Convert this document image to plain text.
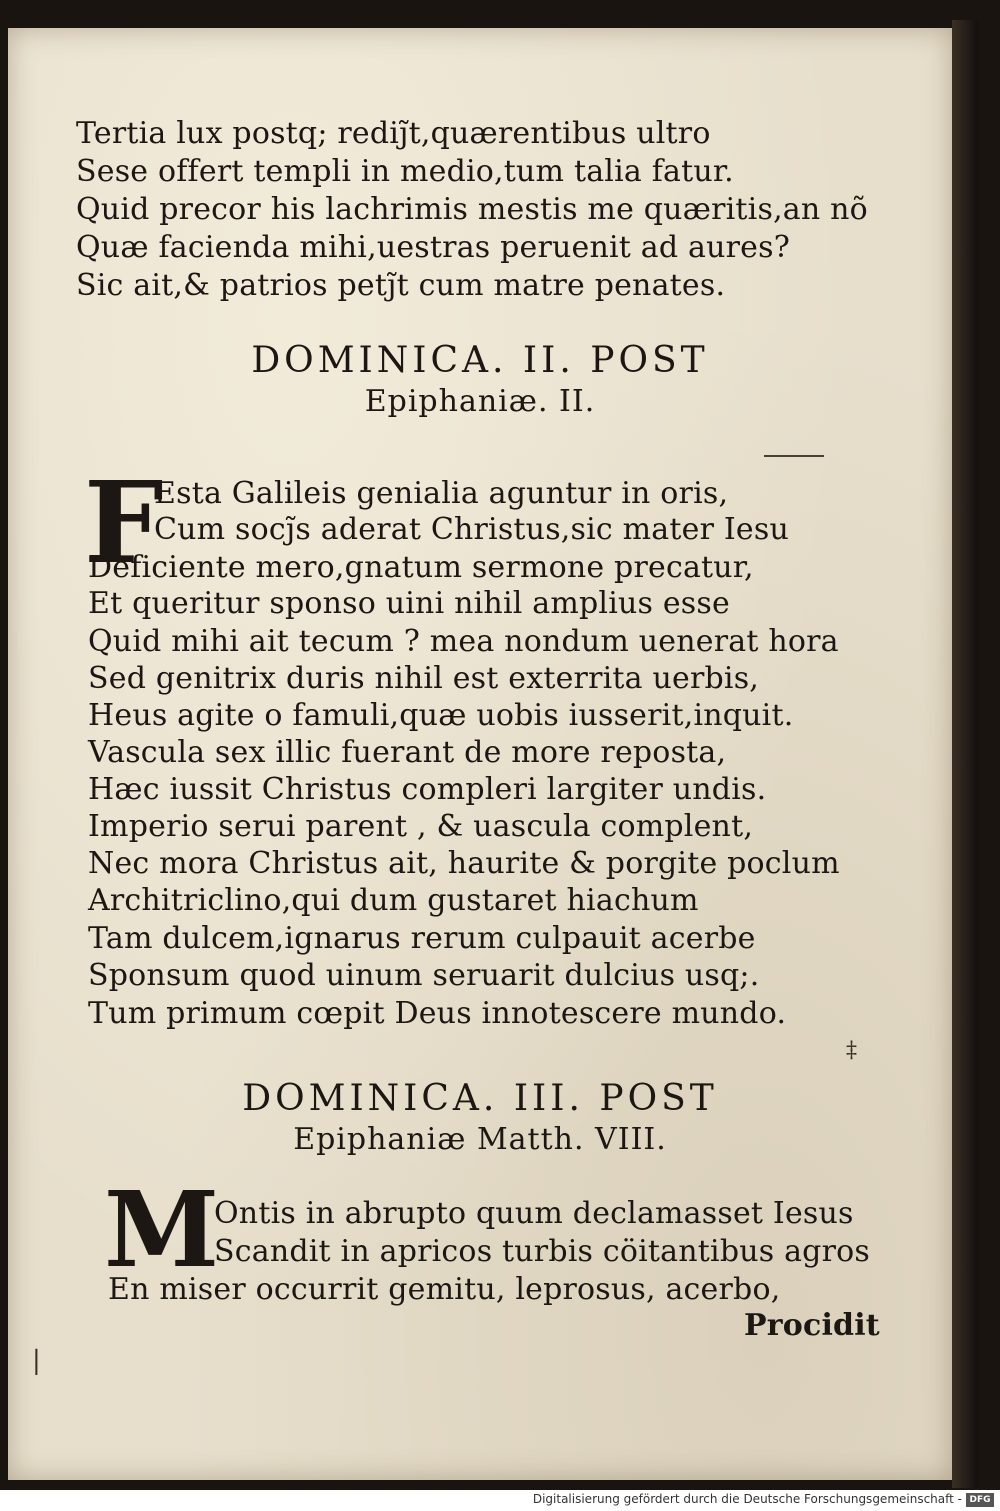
Tertia lux postq; rediȷ̃t,quærentibus ultro
Sese offert templi in medio,tum talia fatur.
Quid precor his lachrimis mestis me quæritis,an nõ
Quæ facienda mihi,uestras peruenit ad aures?
Sic ait,& patrios petȷ̃t cum matre penates.
DOMINICA. II. POST
Epiphaniæ. II.
F
Esta Galileis genialia aguntur in oris,
Cum socȷ̃s aderat Christus,sic mater Iesu
Deficiente mero,gnatum sermone precatur,
Et queritur sponso uini nihil amplius esse
Quid mihi ait tecum ? mea nondum uenerat hora
Sed genitrix duris nihil est exterrita uerbis,
Heus agite o famuli,quæ uobis iusserit,inquit.
Vascula sex illic fuerant de more reposta,
Hæc iussit Christus compleri largiter undis.
Imperio serui parent , & uascula complent,
Nec mora Christus ait, haurite & porgite poclum
Architriclino,qui dum gustaret hiachum
Tam dulcem,ignarus rerum culpauit acerbe
Sponsum quod uinum seruarit dulcius usq;.
Tum primum cœpit Deus innotescere mundo.
‡
DOMINICA. III. POST
Epiphaniæ Matth. VIII.
M
Ontis in abrupto quum declamasset Iesus
Scandit in apricos turbis cöitantibus agros
En miser occurrit gemitu, leprosus, acerbo,
Procidit
|
Digitalisierung gefördert durch die Deutsche Forschungsgemeinschaft - DFG
